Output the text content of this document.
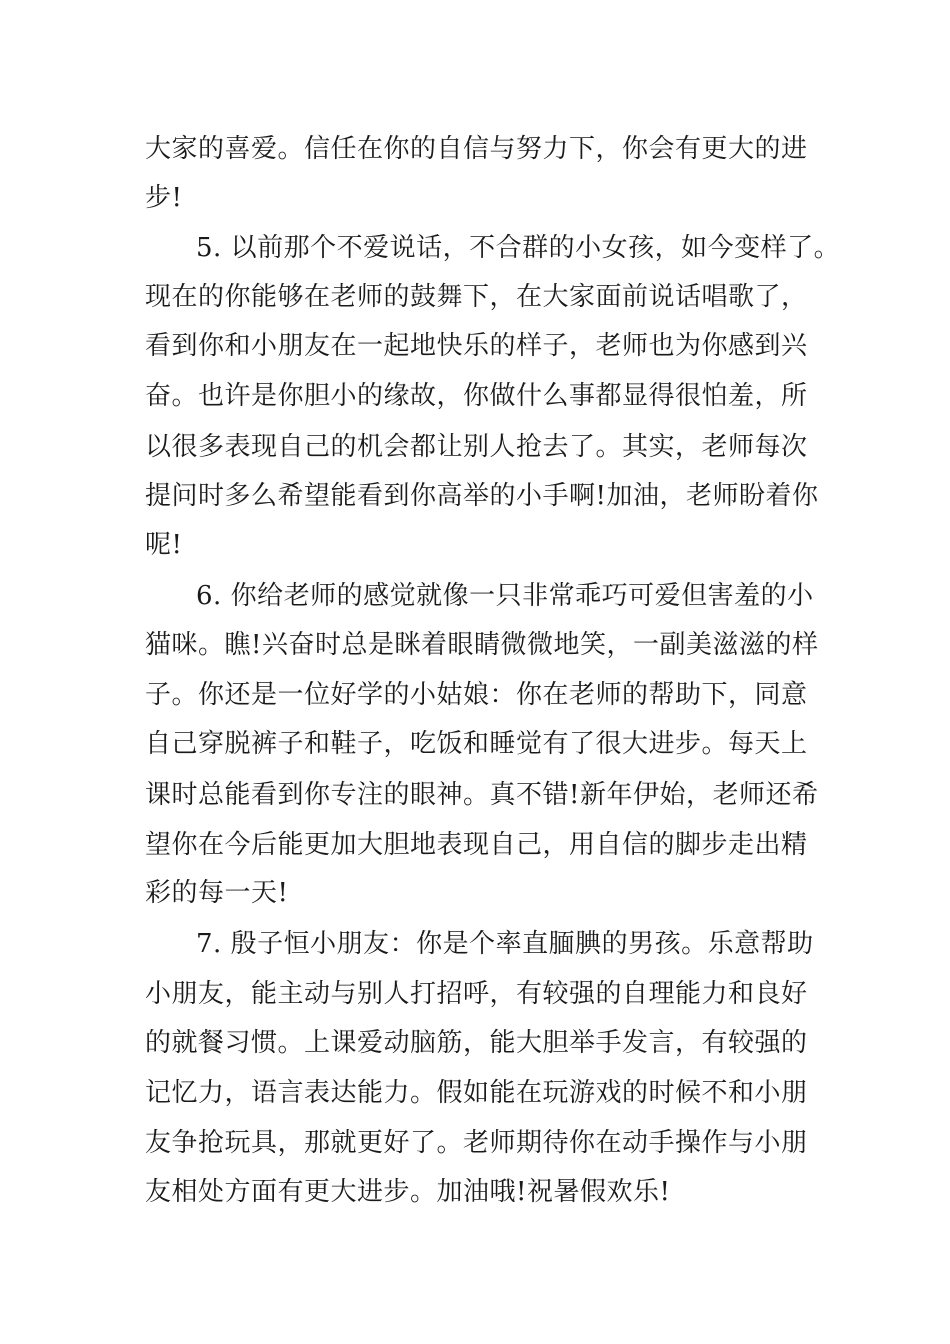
大家的喜爱。信任在你的自信与努力下，你会有更大的进
步!
5. 以前那个不爱说话，不合群的小女孩，如今变样了。
现在的你能够在老师的鼓舞下，在大家面前说话唱歌了，
看到你和小朋友在一起地快乐的样子，老师也为你感到兴
奋。也许是你胆小的缘故，你做什么事都显得很怕羞，所
以很多表现自己的机会都让别人抢去了。其实，老师每次
提问时多么希望能看到你高举的小手啊!加油，老师盼着你
呢!
6. 你给老师的感觉就像一只非常乖巧可爱但害羞的小
猫咪。瞧!兴奋时总是眯着眼睛微微地笑，一副美滋滋的样
子。你还是一位好学的小姑娘：你在老师的帮助下，同意
自己穿脱裤子和鞋子，吃饭和睡觉有了很大进步。每天上
课时总能看到你专注的眼神。真不错!新年伊始，老师还希
望你在今后能更加大胆地表现自己，用自信的脚步走出精
彩的每一天!
7. 殷子恒小朋友：你是个率直腼腆的男孩。乐意帮助
小朋友，能主动与别人打招呼，有较强的自理能力和良好
的就餐习惯。上课爱动脑筋，能大胆举手发言，有较强的
记忆力，语言表达能力。假如能在玩游戏的时候不和小朋
友争抢玩具，那就更好了。老师期待你在动手操作与小朋
友相处方面有更大进步。加油哦!祝暑假欢乐!
